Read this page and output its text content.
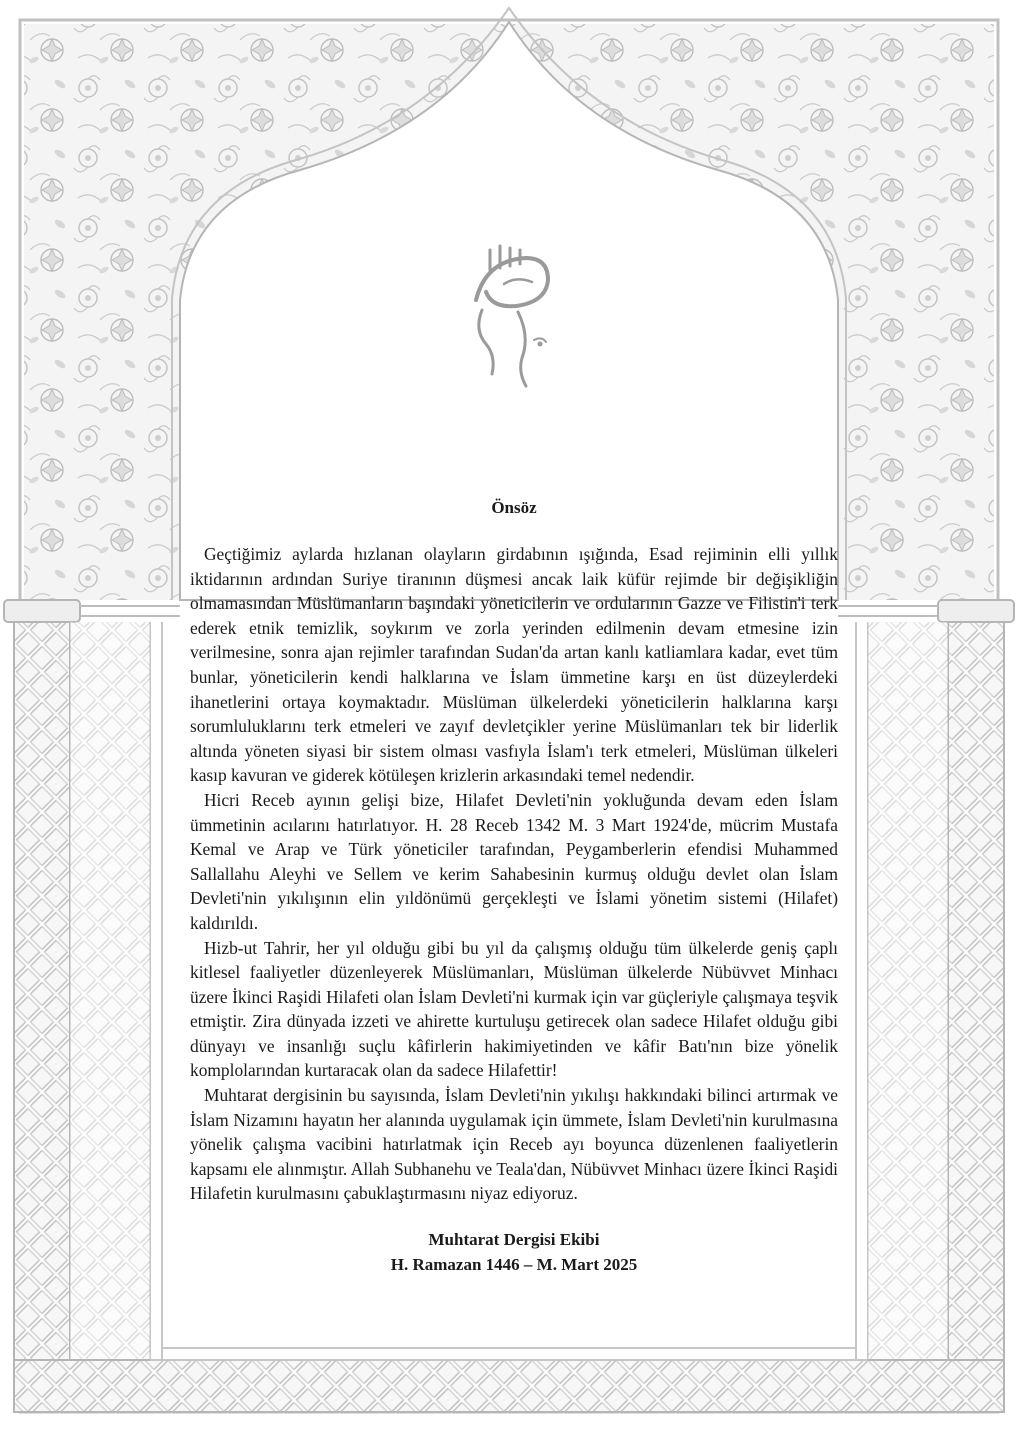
Önsöz

Geçtiğimiz aylarda hızlanan olayların girdabının ışığında, Esad rejiminin elli yıllık iktidarının ardından Suriye tiranının düşmesi ancak laik küfür rejimde bir değişikliğin olmamasından Müslümanların başındaki yöneticilerin ve ordularının Gazze ve Filistin'i terk ederek etnik temizlik, soykırım ve zorla yerinden edilmenin devam etmesine izin verilmesine, sonra ajan rejimler tarafından Sudan'da artan kanlı katliamlara kadar, evet tüm bunlar, yöneticilerin kendi halklarına ve İslam ümmetine karşı en üst düzeylerdeki ihanetlerini ortaya koymaktadır. Müslüman ülkelerdeki yöneticilerin halklarına karşı sorumluluklarını terk etmeleri ve zayıf devletçikler yerine Müslümanları tek bir liderlik altında yöneten siyasi bir sistem olması vasfıyla İslam'ı terk etmeleri, Müslüman ülkeleri kasıp kavuran ve giderek kötüleşen krizlerin arkasındaki temel nedendir.

Hicri Receb ayının gelişi bize, Hilafet Devleti'nin yokluğunda devam eden İslam ümmetinin acılarını hatırlatıyor. H. 28 Receb 1342 M. 3 Mart 1924'de, mücrim Mustafa Kemal ve Arap ve Türk yöneticiler tarafından, Peygamberlerin efendisi Muhammed Sallallahu Aleyhi ve Sellem ve kerim Sahabesinin kurmuş olduğu devlet olan İslam Devleti'nin yıkılışının elin yıldönümü gerçekleşti ve İslami yönetim sistemi (Hilafet) kaldırıldı.

Hizb-ut Tahrir, her yıl olduğu gibi bu yıl da çalışmış olduğu tüm ülkelerde geniş çaplı kitlesel faaliyetler düzenleyerek Müslümanları, Müslüman ülkelerde Nübüvvet Minhacı üzere İkinci Raşidi Hilafeti olan İslam Devleti'ni kurmak için var güçleriyle çalışmaya teşvik etmiştir. Zira dünyada izzeti ve ahirette kurtuluşu getirecek olan sadece Hilafet olduğu gibi dünyayı ve insanlığı suçlu kâfirlerin hakimiyetinden ve kâfir Batı'nın bize yönelik komplolarından kurtaracak olan da sadece Hilafettir!

Muhtarat dergisinin bu sayısında, İslam Devleti'nin yıkılışı hakkındaki bilinci artırmak ve İslam Nizamını hayatın her alanında uygulamak için ümmete, İslam Devleti'nin kurulmasına yönelik çalışma vacibini hatırlatmak için Receb ayı boyunca düzenlenen faaliyetlerin kapsamı ele alınmıştır. Allah Subhanehu ve Teala'dan, Nübüvvet Minhacı üzere İkinci Raşidi Hilafetin kurulmasını çabuklaştırmasını niyaz ediyoruz.

Muhtarat Dergisi Ekibi
H. Ramazan 1446 – M. Mart 2025
